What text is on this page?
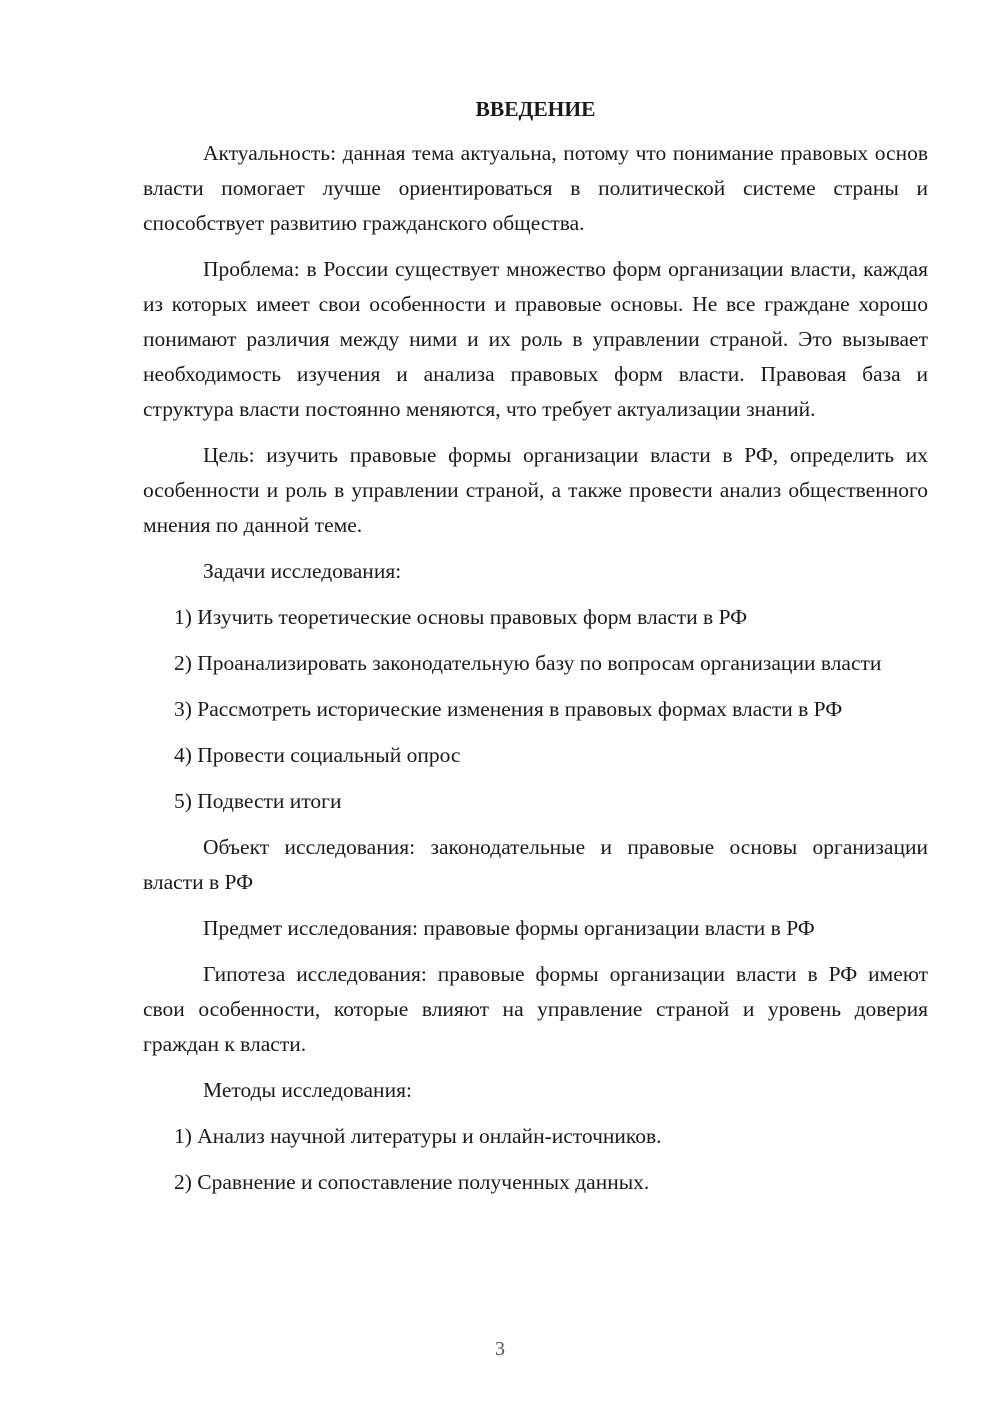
ВВЕДЕНИЕ

Актуальность: данная тема актуальна, потому что понимание правовых основ власти помогает лучше ориентироваться в политической системе страны и способствует развитию гражданского общества.

Проблема: в России существует множество форм организации власти, каждая из которых имеет свои особенности и правовые основы. Не все граждане хорошо понимают различия между ними и их роль в управлении страной. Это вызывает необходимость изучения и анализа правовых форм власти. Правовая база и структура власти постоянно меняются, что требует актуализации знаний.

Цель: изучить правовые формы организации власти в РФ, определить их особенности и роль в управлении страной, а также провести анализ общественного мнения по данной теме.

Задачи исследования:

1) Изучить теоретические основы правовых форм власти в РФ

2) Проанализировать законодательную базу по вопросам организации власти

3) Рассмотреть исторические изменения в правовых формах власти в РФ

4) Провести социальный опрос

5) Подвести итоги

Объект исследования: законодательные и правовые основы организации власти в РФ

Предмет исследования: правовые формы организации власти в РФ

Гипотеза исследования: правовые формы организации власти в РФ имеют свои особенности, которые влияют на управление страной и уровень доверия граждан к власти.

Методы исследования:

1) Анализ научной литературы и онлайн-источников.

2) Сравнение и сопоставление полученных данных.

3
